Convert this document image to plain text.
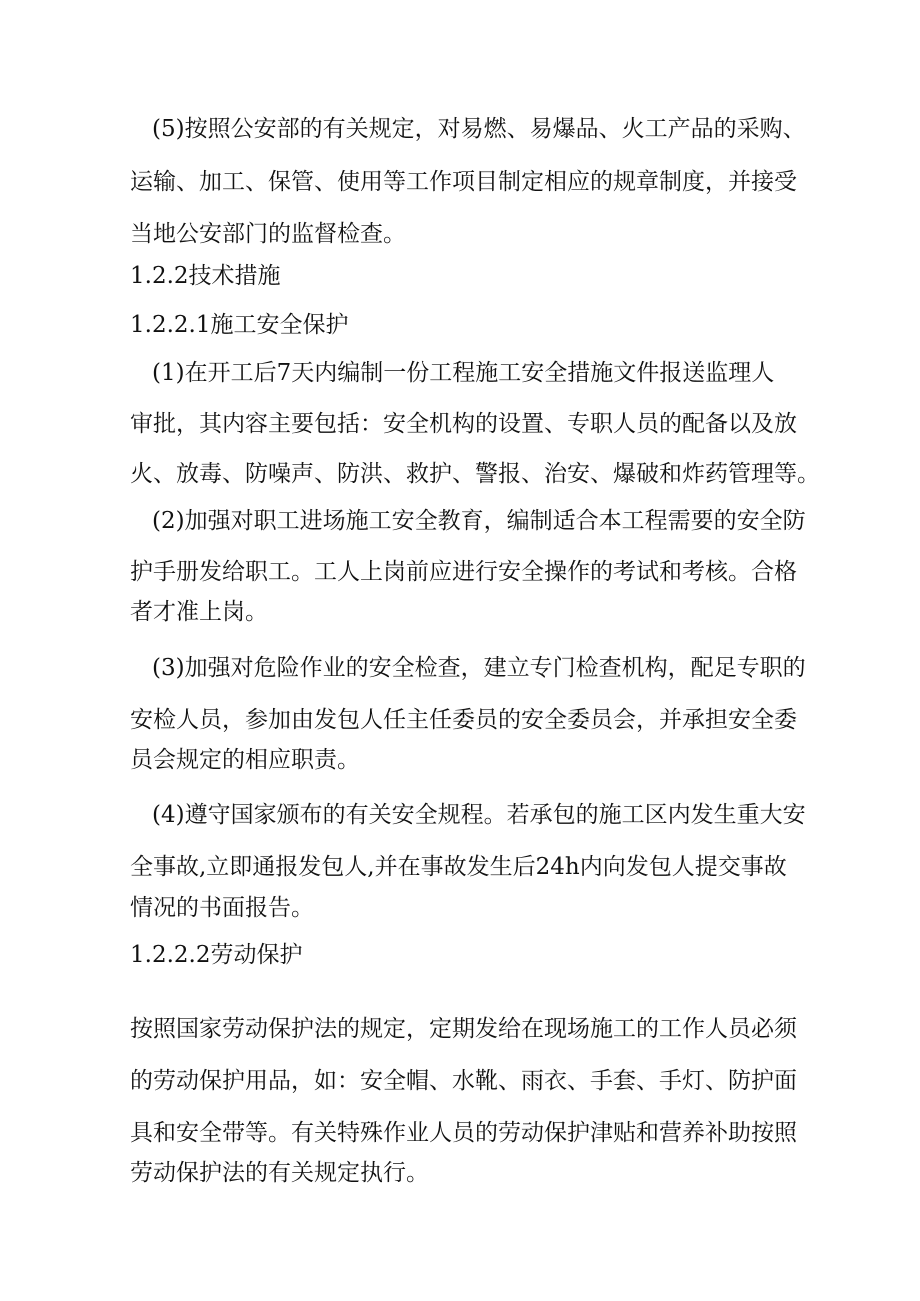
(5)按照公安部的有关规定，对易燃、易爆品、火工产品的采购、
运输、加工、保管、使用等工作项目制定相应的规章制度，并接受
当地公安部门的监督检查。
1.2.2技术措施
1.2.2.1施工安全保护
(1)在开工后7天内编制一份工程施工安全措施文件报送监理人
审批，其内容主要包括：安全机构的设置、专职人员的配备以及放
火、放毒、防噪声、防洪、救护、警报、治安、爆破和炸药管理等。
(2)加强对职工进场施工安全教育，编制适合本工程需要的安全防
护手册发给职工。工人上岗前应进行安全操作的考试和考核。合格
者才准上岗。
(3)加强对危险作业的安全检查，建立专门检查机构，配足专职的
安检人员，参加由发包人任主任委员的安全委员会，并承担安全委
员会规定的相应职责。
(4)遵守国家颁布的有关安全规程。若承包的施工区内发生重大安
全事故,立即通报发包人,并在事故发生后24h内向发包人提交事故
情况的书面报告。
1.2.2.2劳动保护
按照国家劳动保护法的规定，定期发给在现场施工的工作人员必须
的劳动保护用品，如：安全帽、水靴、雨衣、手套、手灯、防护面
具和安全带等。有关特殊作业人员的劳动保护津贴和营养补助按照
劳动保护法的有关规定执行。
